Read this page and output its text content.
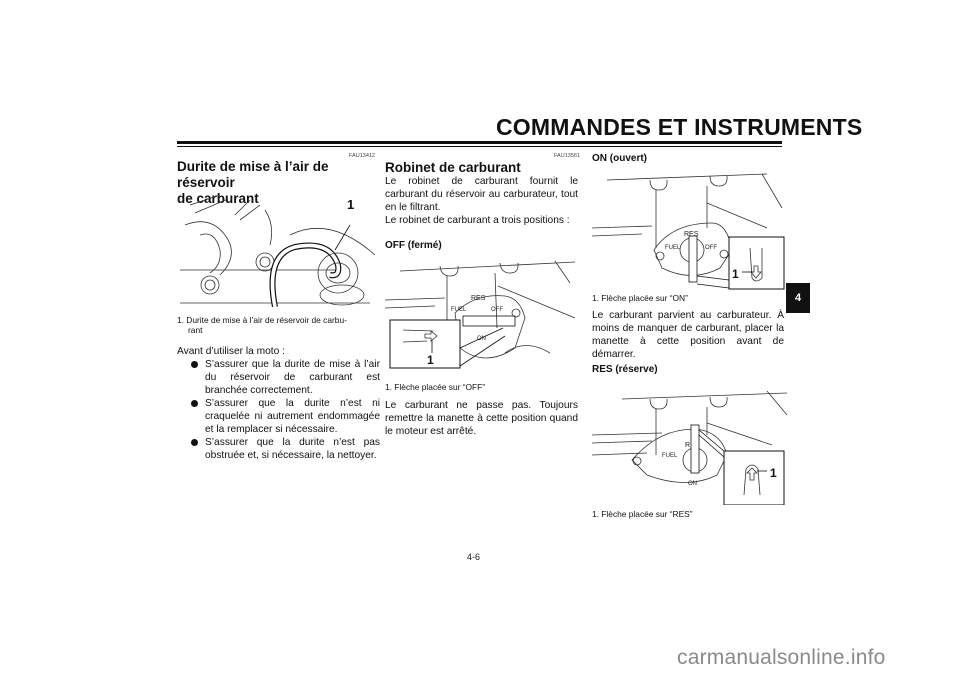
COMMANDES ET INSTRUMENTS
4
FAU13412
Durite de mise à l’air de réservoir
de carburant	1
1. Durite de mise à l’air de réservoir de carbu-
rant
Avant d’utiliser la moto :
S’assurer que la durite de mise à l’air du réservoir de carburant est branchée correctement.
S’assurer que la durite n’est ni craquelée ni autrement endommagée et la remplacer si nécessaire.
S’assurer que la durite n’est pas obstruée et, si nécessaire, la nettoyer.
FAU13561
Robinet de carburant
Le robinet de carburant fournit le carburant du réservoir au carburateur, tout en le filtrant.
Le robinet de carburant a trois positions :
OFF (fermé)
RES
FUEL	OFF
ON
1
1. Flèche placée sur “OFF”
Le carburant ne passe pas. Toujours remettre la manette à cette position quand le moteur est arrêté.
ON (ouvert)
RES
FUEL	OFF
1
1. Flèche placée sur “ON”
Le carburant parvient au carburateur. À moins de manquer de carburant, placer la manette à cette position avant de démarrer.
RES (réserve)
R
FUEL
ON
1
1. Flèche placée sur “RES”
4-6
carmanualsonline.info
